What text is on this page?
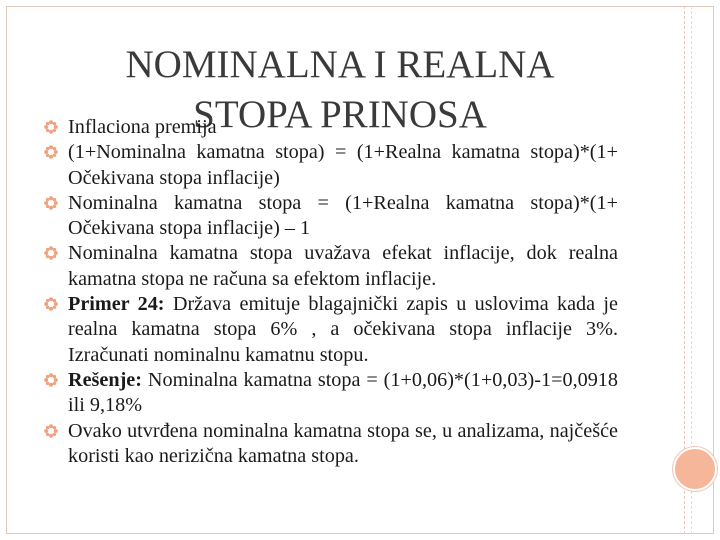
NOMINALNA I REALNA
STOPA PRINOSA
Inflaciona premija
(1+Nominalna kamatna stopa) = (1+Realna kamatna stopa)*(1+ Očekivana stopa inflacije)
Nominalna kamatna stopa = (1+Realna kamatna stopa)*(1+ Očekivana stopa inflacije) – 1
Nominalna kamatna stopa uvažava efekat inflacije, dok realna kamatna stopa ne računa sa efektom inflacije.
Primer 24: Država emituje blagajnički zapis u uslovima kada je realna kamatna stopa 6% , a očekivana stopa inflacije 3%. Izračunati nominalnu kamatnu stopu.
Rešenje: Nominalna kamatna stopa = (1+0,06)*(1+0,03)-1=0,0918 ili 9,18%
Ovako utvrđena nominalna kamatna stopa se, u analizama, najčešće koristi kao nerizična kamatna stopa.
